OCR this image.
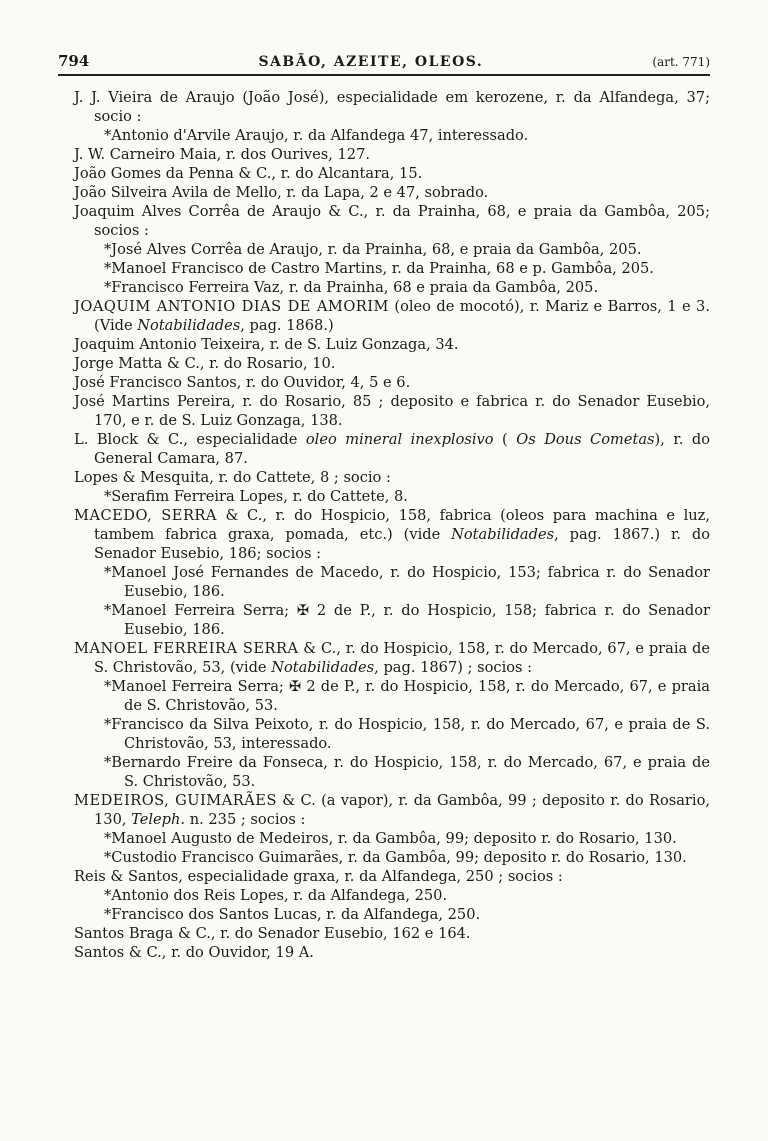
794	SABÃO, AZEITE, OLEOS.	(art. 771)

J. J. Vieira de Araujo (João José), especialidade em kerozene, r. da Alfandega, 37; socio :

*Antonio d'Arvile Araujo, r. da Alfandega 47, interessado.

J. W. Carneiro Maia, r. dos Ourives, 127.

João Gomes da Penna & C., r. do Alcantara, 15.

João Silveira Avila de Mello, r. da Lapa, 2 e 47, sobrado.

Joaquim Alves Corrêa de Araujo & C., r. da Prainha, 68, e praia da Gambôa, 205; socios :

*José Alves Corrêa de Araujo, r. da Prainha, 68, e praia da Gambôa, 205.

*Manoel Francisco de Castro Martins, r. da Prainha, 68 e p. Gambôa, 205.

*Francisco Ferreira Vaz, r. da Prainha, 68 e praia da Gambôa, 205.

JOAQUIM ANTONIO DIAS DE AMORIM (oleo de mocotó), r. Mariz e Barros, 1 e 3. (Vide Notabilidades, pag. 1868.)

Joaquim Antonio Teixeira, r. de S. Luiz Gonzaga, 34.

Jorge Matta & C., r. do Rosario, 10.

José Francisco Santos, r. do Ouvidor, 4, 5 e 6.

José Martins Pereira, r. do Rosario, 85 ; deposito e fabrica r. do Senador Eusebio, 170, e r. de S. Luiz Gonzaga, 138.

L. Block & C., especialidade oleo mineral inexplosivo ( Os Dous Cometas), r. do General Camara, 87.

Lopes & Mesquita, r. do Cattete, 8 ; socio :

*Serafim Ferreira Lopes, r. do Cattete, 8.

MACEDO, SERRA & C., r. do Hospicio, 158, fabrica (oleos para machina e luz, tambem fabrica graxa, pomada, etc.) (vide Notabilidades, pag. 1867.) r. do Senador Eusebio, 186; socios :

*Manoel José Fernandes de Macedo, r. do Hospicio, 153; fabrica r. do Senador Eusebio, 186.

*Manoel Ferreira Serra; ✠ 2 de P., r. do Hospicio, 158; fabrica r. do Senador Eusebio, 186.

MANOEL FERREIRA SERRA & C., r. do Hospicio, 158, r. do Mercado, 67, e praia de S. Christovão, 53, (vide Notabilidades, pag. 1867) ; socios :

*Manoel Ferreira Serra; ✠ 2 de P., r. do Hospicio, 158, r. do Mercado, 67, e praia de S. Christovão, 53.

*Francisco da Silva Peixoto, r. do Hospicio, 158, r. do Mercado, 67, e praia de S. Christovão, 53, interessado.

*Bernardo Freire da Fonseca, r. do Hospicio, 158, r. do Mercado, 67, e praia de S. Christovão, 53.

MEDEIROS, GUIMARÃES & C. (a vapor), r. da Gambôa, 99 ; deposito r. do Rosario, 130, Teleph. n. 235 ; socios :

*Manoel Augusto de Medeiros, r. da Gambôa, 99; deposito r. do Rosario, 130.

*Custodio Francisco Guimarães, r. da Gambôa, 99; deposito r. do Rosario, 130.

Reis & Santos, especialidade graxa, r. da Alfandega, 250 ; socios :

*Antonio dos Reis Lopes, r. da Alfandega, 250.

*Francisco dos Santos Lucas, r. da Alfandega, 250.

Santos Braga & C., r. do Senador Eusebio, 162 e 164.

Santos & C., r. do Ouvidor, 19 A.
